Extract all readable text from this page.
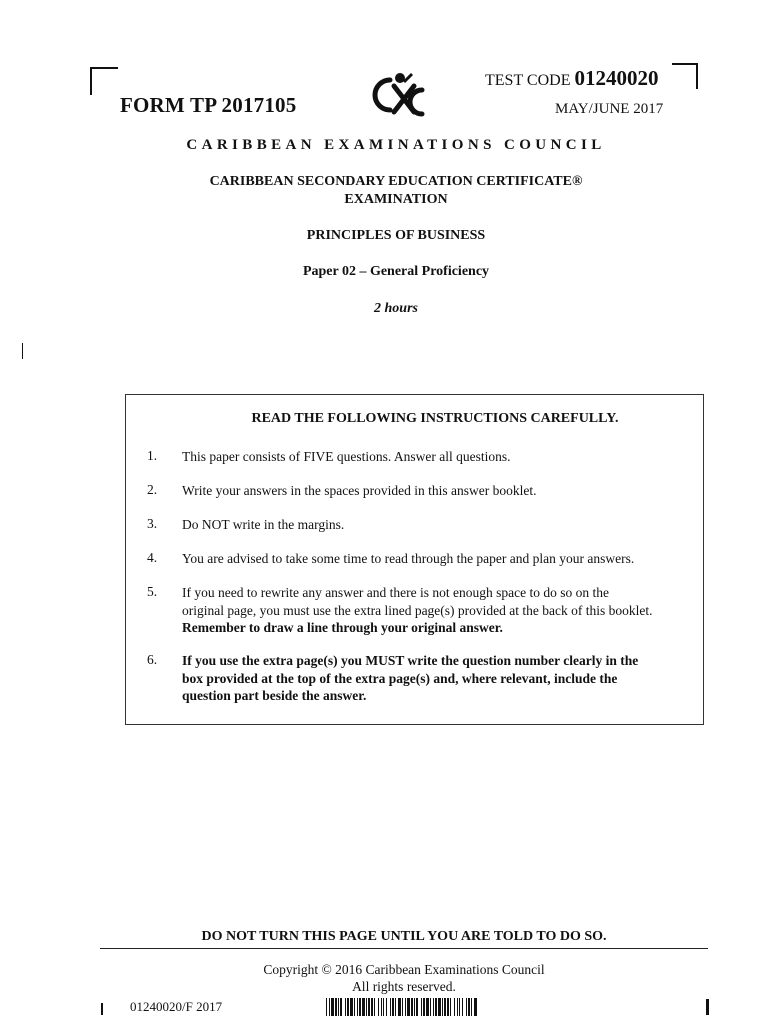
FORM TP 2017105
TEST CODE 01240020
MAY/JUNE 2017
CARIBBEAN EXAMINATIONS COUNCIL
CARIBBEAN SECONDARY EDUCATION CERTIFICATE®
EXAMINATION
PRINCIPLES OF BUSINESS
Paper 02 – General Proficiency
2 hours
READ THE FOLLOWING INSTRUCTIONS CAREFULLY.
1. This paper consists of FIVE questions. Answer all questions.
2. Write your answers in the spaces provided in this answer booklet.
3. Do NOT write in the margins.
4. You are advised to take some time to read through the paper and plan your answers.
5. If you need to rewrite any answer and there is not enough space to do so on the original page, you must use the extra lined page(s) provided at the back of this booklet. Remember to draw a line through your original answer.
6. If you use the extra page(s) you MUST write the question number clearly in the box provided at the top of the extra page(s) and, where relevant, include the question part beside the answer.
DO NOT TURN THIS PAGE UNTIL YOU ARE TOLD TO DO SO.
Copyright © 2016 Caribbean Examinations Council
All rights reserved.
01240020/F 2017
